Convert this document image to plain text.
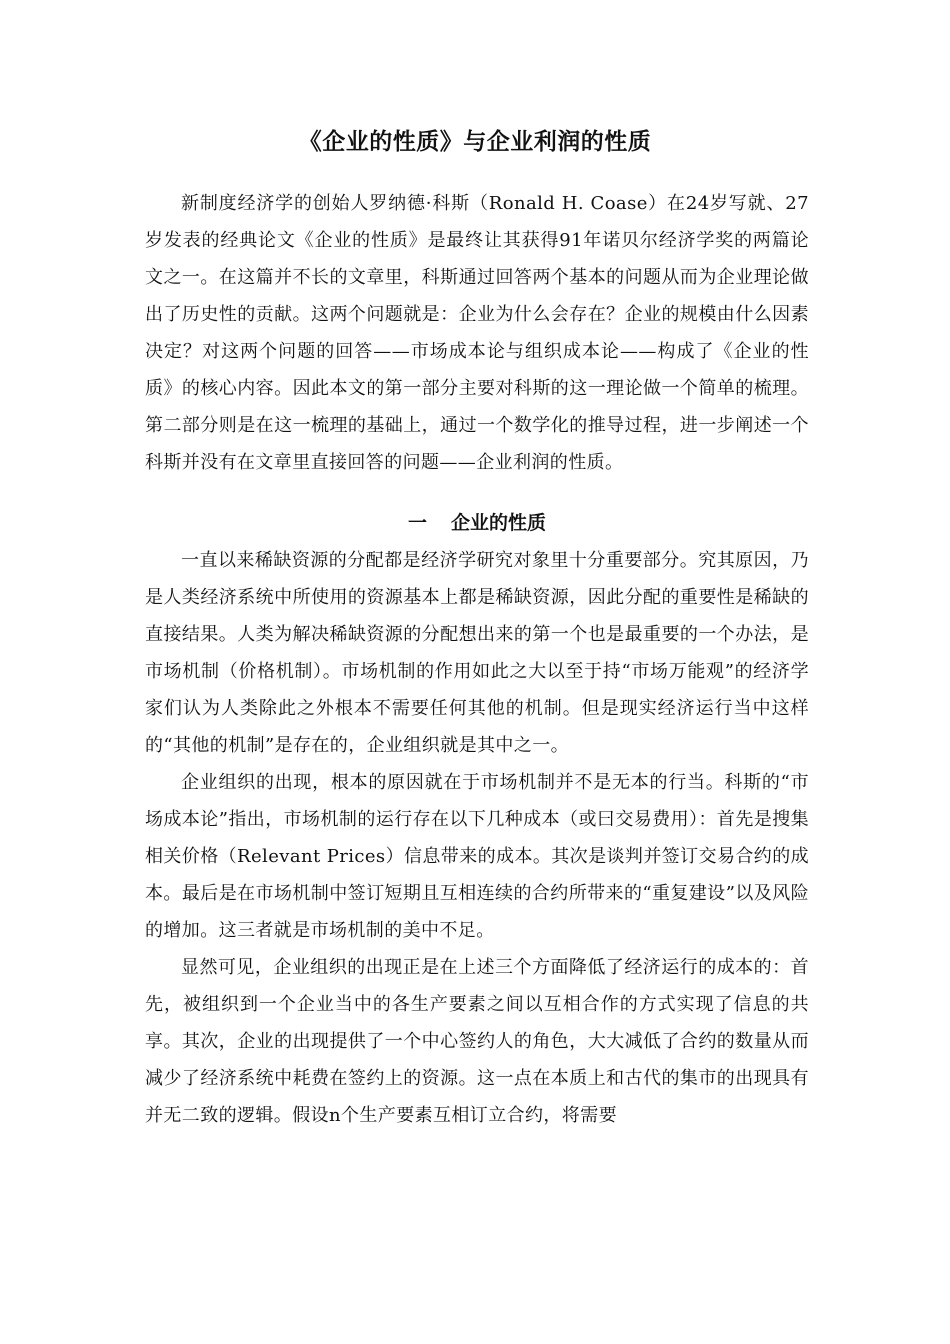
《企业的性质》与企业利润的性质

新制度经济学的创始人罗纳德·科斯（Ronald H. Coase）在24岁写就、27岁发表的经典论文《企业的性质》是最终让其获得91年诺贝尔经济学奖的两篇论文之一。在这篇并不长的文章里，科斯通过回答两个基本的问题从而为企业理论做出了历史性的贡献。这两个问题就是：企业为什么会存在？企业的规模由什么因素决定？对这两个问题的回答——市场成本论与组织成本论——构成了《企业的性质》的核心内容。因此本文的第一部分主要对科斯的这一理论做一个简单的梳理。第二部分则是在这一梳理的基础上，通过一个数学化的推导过程，进一步阐述一个科斯并没有在文章里直接回答的问题——企业利润的性质。

一 企业的性质

一直以来稀缺资源的分配都是经济学研究对象里十分重要部分。究其原因，乃是人类经济系统中所使用的资源基本上都是稀缺资源，因此分配的重要性是稀缺的直接结果。人类为解决稀缺资源的分配想出来的第一个也是最重要的一个办法，是市场机制（价格机制）。市场机制的作用如此之大以至于持“市场万能观”的经济学家们认为人类除此之外根本不需要任何其他的机制。但是现实经济运行当中这样的“其他的机制”是存在的，企业组织就是其中之一。

企业组织的出现，根本的原因就在于市场机制并不是无本的行当。科斯的“市场成本论”指出，市场机制的运行存在以下几种成本（或曰交易费用）：首先是搜集相关价格（Relevant Prices）信息带来的成本。其次是谈判并签订交易合约的成本。最后是在市场机制中签订短期且互相连续的合约所带来的“重复建设”以及风险的增加。这三者就是市场机制的美中不足。

显然可见，企业组织的出现正是在上述三个方面降低了经济运行的成本的：首先，被组织到一个企业当中的各生产要素之间以互相合作的方式实现了信息的共享。其次，企业的出现提供了一个中心签约人的角色，大大减低了合约的数量从而减少了经济系统中耗费在签约上的资源。这一点在本质上和古代的集市的出现具有并无二致的逻辑。假设n个生产要素互相订立合约，将需要
